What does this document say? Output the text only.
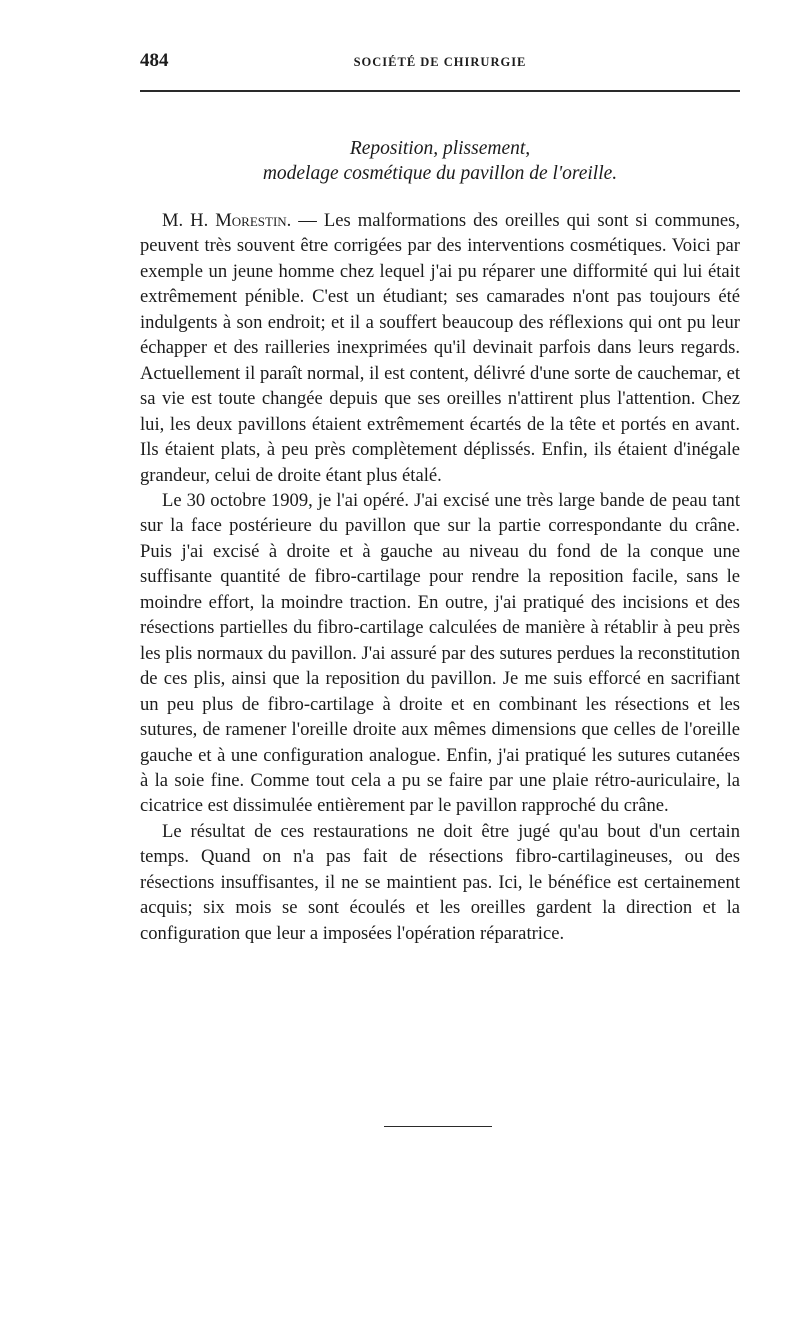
484	SOCIÉTÉ DE CHIRURGIE
Reposition, plissement,
modelage cosmétique du pavillon de l'oreille.

M. H. Morestin. — Les malformations des oreilles qui sont si communes, peuvent très souvent être corrigées par des interventions cosmétiques. Voici par exemple un jeune homme chez lequel j'ai pu réparer une difformité qui lui était extrêmement pénible. C'est un étudiant; ses camarades n'ont pas toujours été indulgents à son endroit; et il a souffert beaucoup des réflexions qui ont pu leur échapper et des railleries inexprimées qu'il devinait parfois dans leurs regards. Actuellement il paraît normal, il est content, délivré d'une sorte de cauchemar, et sa vie est toute changée depuis que ses oreilles n'attirent plus l'attention. Chez lui, les deux pavillons étaient extrêmement écartés de la tête et portés en avant. Ils étaient plats, à peu près complètement déplissés. Enfin, ils étaient d'inégale grandeur, celui de droite étant plus étalé.

Le 30 octobre 1909, je l'ai opéré. J'ai excisé une très large bande de peau tant sur la face postérieure du pavillon que sur la partie correspondante du crâne. Puis j'ai excisé à droite et à gauche au niveau du fond de la conque une suffisante quantité de fibro-cartilage pour rendre la reposition facile, sans le moindre effort, la moindre traction. En outre, j'ai pratiqué des incisions et des résections partielles du fibro-cartilage calculées de manière à rétablir à peu près les plis normaux du pavillon. J'ai assuré par des sutures perdues la reconstitution de ces plis, ainsi que la reposition du pavillon. Je me suis efforcé en sacrifiant un peu plus de fibro-cartilage à droite et en combinant les résections et les sutures, de ramener l'oreille droite aux mêmes dimensions que celles de l'oreille gauche et à une configuration analogue. Enfin, j'ai pratiqué les sutures cutanées à la soie fine. Comme tout cela a pu se faire par une plaie rétro-auriculaire, la cicatrice est dissimulée entièrement par le pavillon rapproché du crâne.

Le résultat de ces restaurations ne doit être jugé qu'au bout d'un certain temps. Quand on n'a pas fait de résections fibro-cartilagineuses, ou des résections insuffisantes, il ne se maintient pas. Ici, le bénéfice est certainement acquis; six mois se sont écoulés et les oreilles gardent la direction et la configuration que leur a imposées l'opération réparatrice.
